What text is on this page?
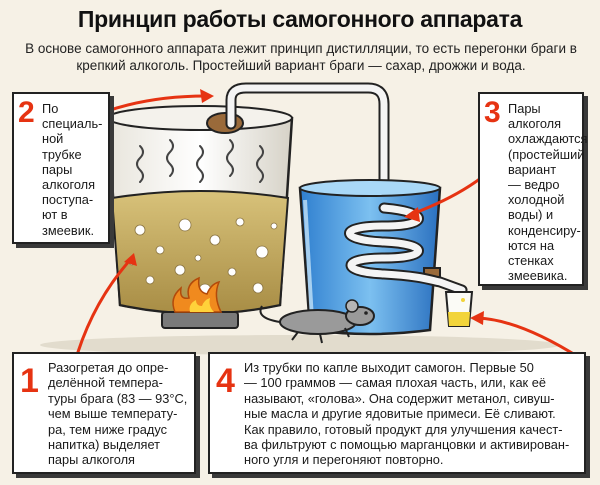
Принцип работы самогонного аппарата
В основе самогонного аппарата лежит принцип дистилляции, то есть перегонки браги в крепкий алкоголь. Простейший вариант браги — сахар, дрожжи и вода.
2 По
специаль-
ной
трубке
пары
алкоголя
поступа-
ют в
змеевик.
3 Пары
алкоголя
охлаждаются
(простейший
вариант
— ведро
холодной
воды) и
конденсиру-
ются на
стенках
змеевика.
1 Разогретая до опре-
делённой темпера-
туры брага (83 — 93°С,
чем выше температу-
ра, тем ниже градус
напитка) выделяет
пары алкоголя
4 Из трубки по капле выходит самогон. Первые 50
— 100 граммов — самая плохая часть, или, как её
называют, «голова». Она содержит метанол, сивуш-
ные масла и другие ядовитые примеси. Её сливают.
Как правило, готовый продукт для улучшения качест-
ва фильтруют с помощью марганцовки и активирован-
ного угля и перегоняют повторно.
